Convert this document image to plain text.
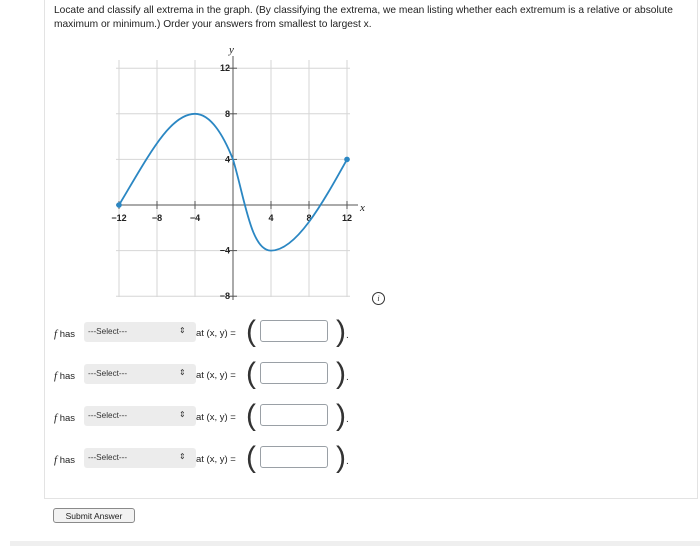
Locate and classify all extrema in the graph. (By classifying the extrema, we mean listing whether each extremum is a relative or absolute maximum or minimum.) Order your answers from smallest to largest x.
−12	−8	−4	4	8	12
12
8
4
−4
−8
x
y
i
f has	---Select---	⇕ at (x, y) = (	) .
f has	---Select---	⇕ at (x, y) = (	) .
f has	---Select---	⇕ at (x, y) = (	) .
f has	---Select---	⇕ at (x, y) = (	) .
Submit Answer
